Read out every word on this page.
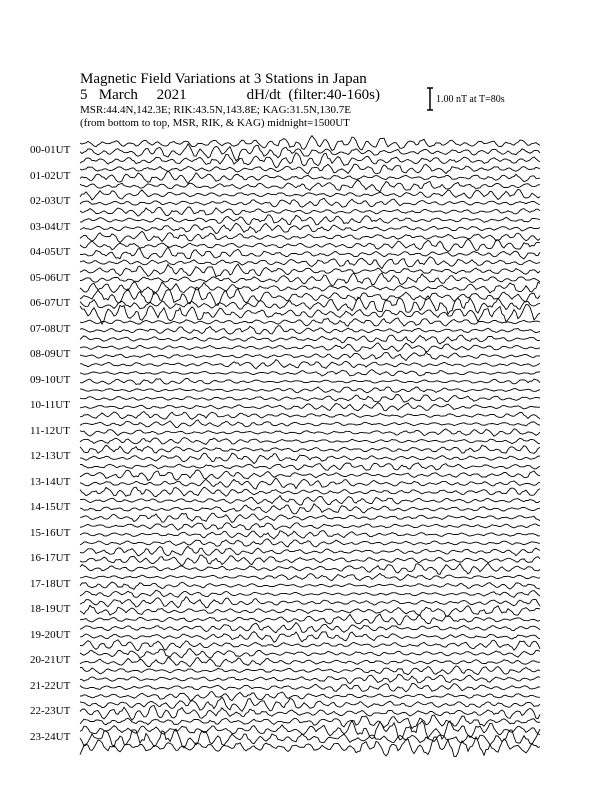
Magnetic Field Variations at 3 Stations in Japan
5 March 2021	dH/dt (filter:40-160s)
MSR:44.4N,142.3E; RIK:43.5N,143.8E; KAG:31.5N,130.7E
(from bottom to top, MSR, RIK, & KAG) midnight=1500UT
1.00 nT at T=80s
00-01UT
01-02UT
02-03UT
03-04UT
04-05UT
05-06UT
06-07UT
07-08UT
08-09UT
09-10UT
10-11UT
11-12UT
12-13UT
13-14UT
14-15UT
15-16UT
16-17UT
17-18UT
18-19UT
19-20UT
20-21UT
21-22UT
22-23UT
23-24UT
